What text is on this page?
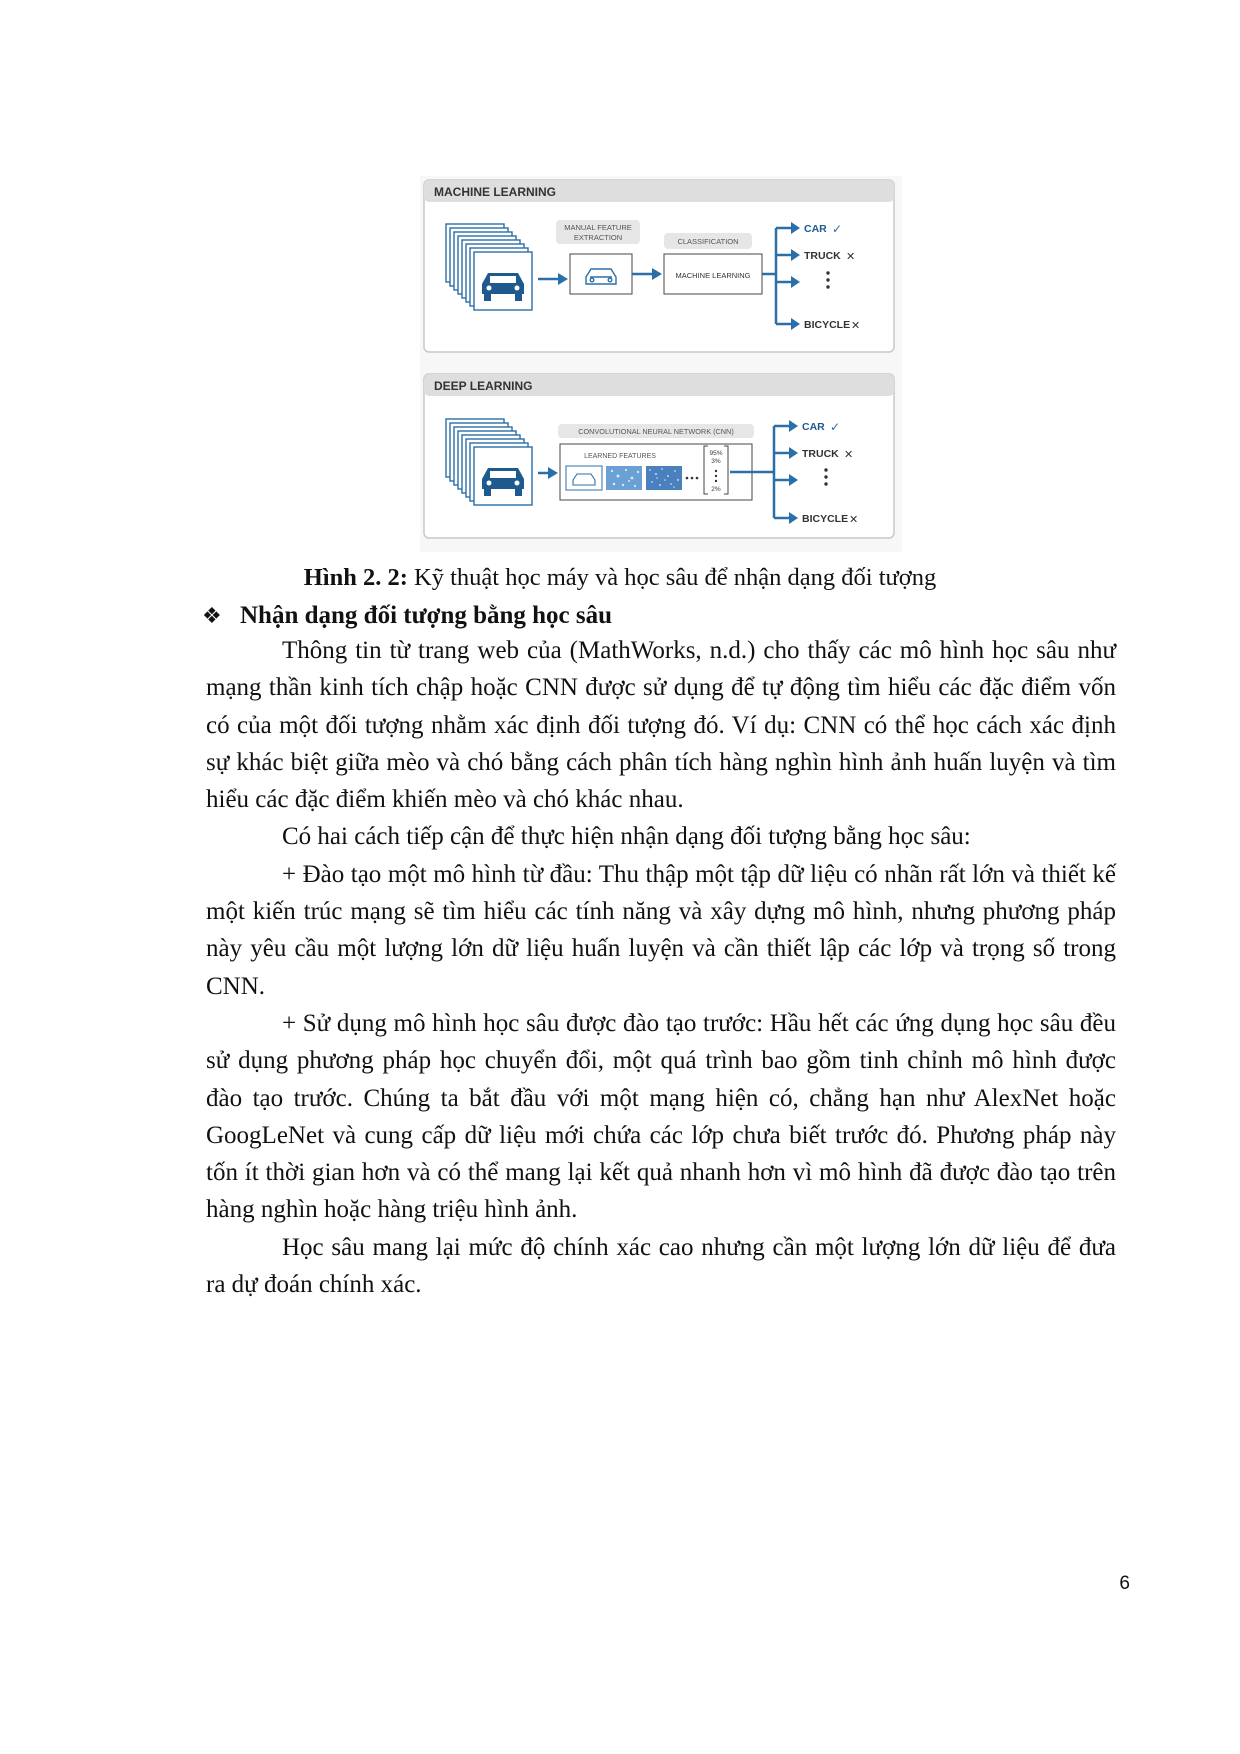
MACHINE LEARNING
MANUAL FEATURE
EXTRACTION	CLASSIFICATION
MACHINE LEARNING
CAR ✓
TRUCK ✕
BICYCLE ✕
DEEP LEARNING
CONVOLUTIONAL NEURAL NETWORK (CNN)
LEARNED FEATURES	95%
3%
2%
CAR ✓
TRUCK ✕
BICYCLE ✕
Hình 2. 2: Kỹ thuật học máy và học sâu để nhận dạng đối tượng
❖ Nhận dạng đối tượng bằng học sâu

Thông tin từ trang web của (MathWorks, n.d.) cho thấy các mô hình học sâu như mạng thần kinh tích chập hoặc CNN được sử dụng để tự động tìm hiểu các đặc điểm vốn có của một đối tượng nhằm xác định đối tượng đó. Ví dụ: CNN có thể học cách xác định sự khác biệt giữa mèo và chó bằng cách phân tích hàng nghìn hình ảnh huấn luyện và tìm hiểu các đặc điểm khiến mèo và chó khác nhau.

Có hai cách tiếp cận để thực hiện nhận dạng đối tượng bằng học sâu:

+ Đào tạo một mô hình từ đầu: Thu thập một tập dữ liệu có nhãn rất lớn và thiết kế một kiến trúc mạng sẽ tìm hiểu các tính năng và xây dựng mô hình, nhưng phương pháp này yêu cầu một lượng lớn dữ liệu huấn luyện và cần thiết lập các lớp và trọng số trong CNN.

+ Sử dụng mô hình học sâu được đào tạo trước: Hầu hết các ứng dụng học sâu đều sử dụng phương pháp học chuyển đổi, một quá trình bao gồm tinh chỉnh mô hình được đào tạo trước. Chúng ta bắt đầu với một mạng hiện có, chẳng hạn như AlexNet hoặc GoogLeNet và cung cấp dữ liệu mới chứa các lớp chưa biết trước đó. Phương pháp này tốn ít thời gian hơn và có thể mang lại kết quả nhanh hơn vì mô hình đã được đào tạo trên hàng nghìn hoặc hàng triệu hình ảnh.

Học sâu mang lại mức độ chính xác cao nhưng cần một lượng lớn dữ liệu để đưa ra dự đoán chính xác.

6
